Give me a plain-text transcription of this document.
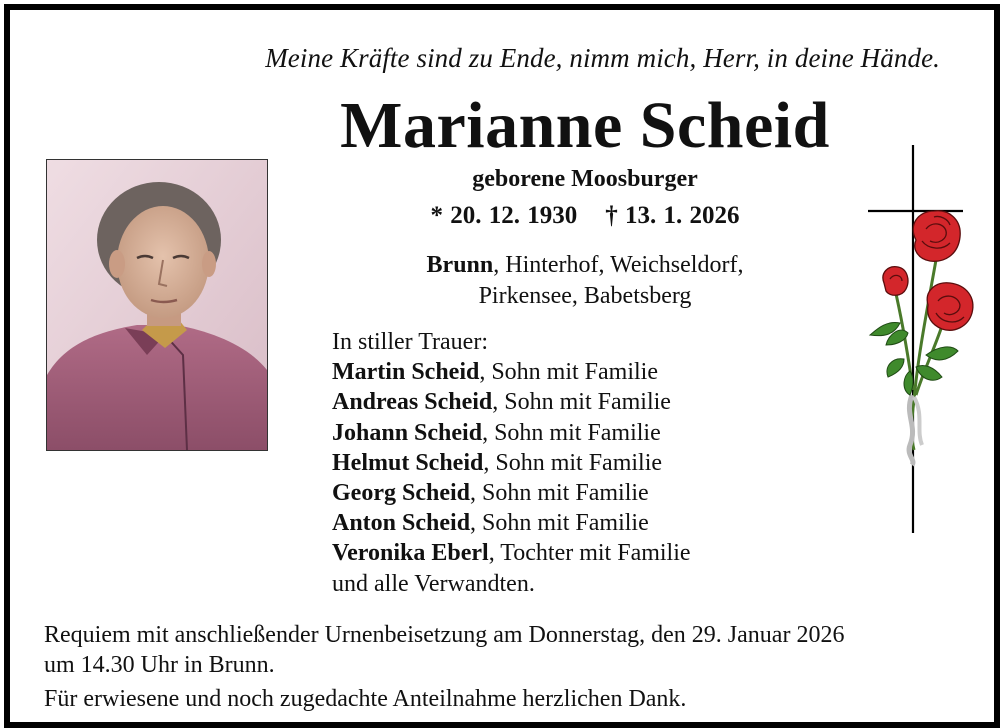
Meine Kräfte sind zu Ende, nimm mich, Herr, in deine Hände.
Marianne Scheid
geborene Moosburger
* 20. 12. 1930 † 13. 1. 2026
Brunn, Hinterhof, Weichseldorf,
Pirkensee, Babetsberg
In stiller Trauer:
Martin Scheid, Sohn mit Familie
Andreas Scheid, Sohn mit Familie
Johann Scheid, Sohn mit Familie
Helmut Scheid, Sohn mit Familie
Georg Scheid, Sohn mit Familie
Anton Scheid, Sohn mit Familie
Veronika Eberl, Tochter mit Familie
und alle Verwandten.
Requiem mit anschließender Urnenbeisetzung am Donnerstag, den 29. Januar 2026
um 14.30 Uhr in Brunn.
Für erwiesene und noch zugedachte Anteilnahme herzlichen Dank.
